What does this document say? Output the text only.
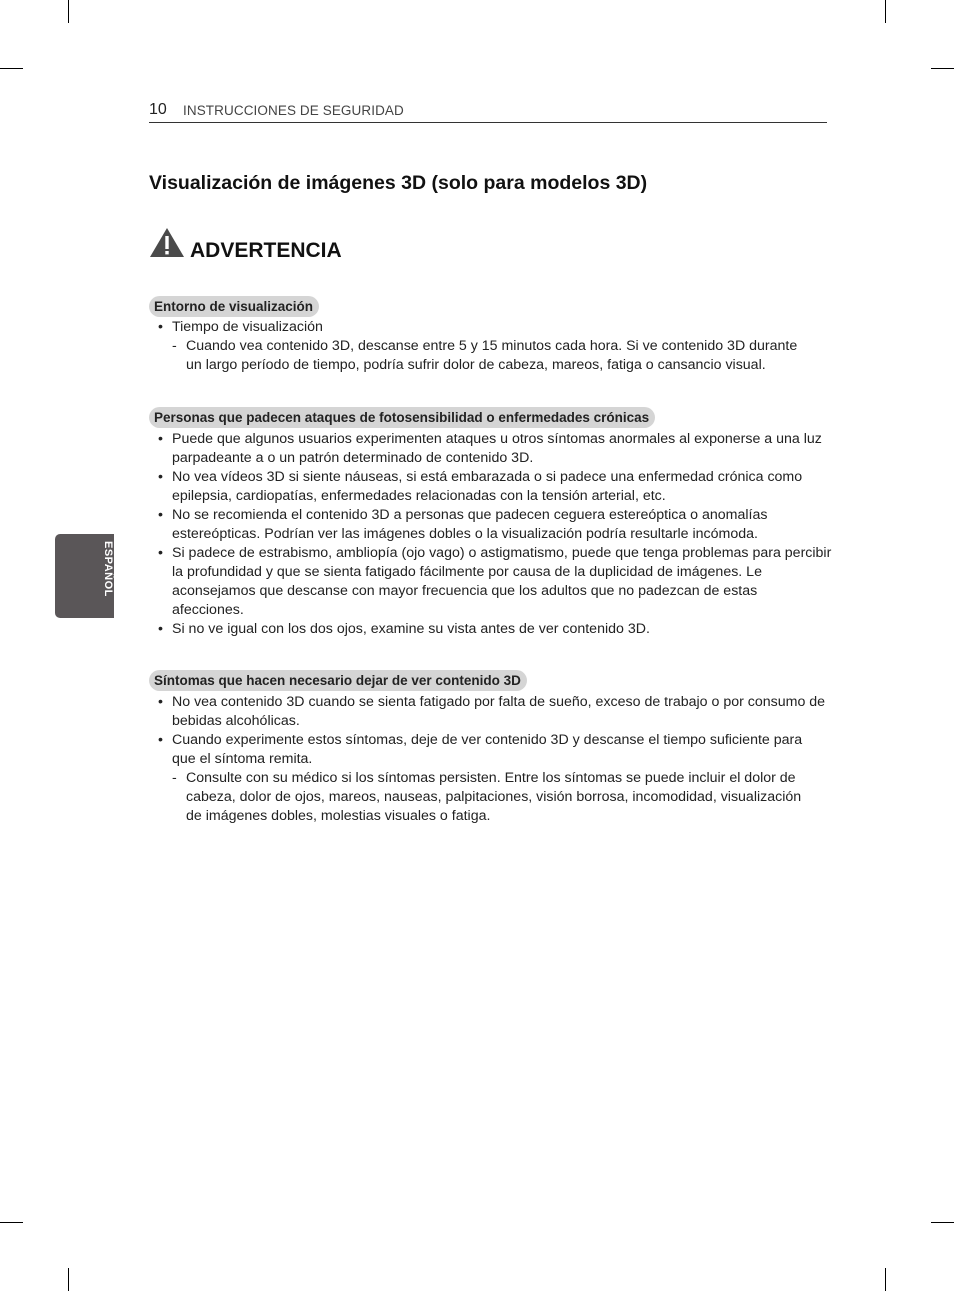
10 INSTRUCCIONES DE SEGURIDAD
ESPAÑOL
Visualización de imágenes 3D (solo para modelos 3D)
ADVERTENCIA
Entorno de visualización
• Tiempo de visualización
- Cuando vea contenido 3D, descanse entre 5 y 15 minutos cada hora. Si ve contenido 3D durante un largo período de tiempo, podría sufrir dolor de cabeza, mareos, fatiga o cansancio visual.
Personas que padecen ataques de fotosensibilidad o enfermedades crónicas
• Puede que algunos usuarios experimenten ataques u otros síntomas anormales al exponerse a una luz parpadeante a o un patrón determinado de contenido 3D.
• No vea vídeos 3D si siente náuseas, si está embarazada o si padece una enfermedad crónica como epilepsia, cardiopatías, enfermedades relacionadas con la tensión arterial, etc.
• No se recomienda el contenido 3D a personas que padecen ceguera estereóptica o anomalías estereópticas. Podrían ver las imágenes dobles o la visualización podría resultarle incómoda.
• Si padece de estrabismo, ambliopía (ojo vago) o astigmatismo, puede que tenga problemas para percibir la profundidad y que se sienta fatigado fácilmente por causa de la duplicidad de imágenes. Le aconsejamos que descanse con mayor frecuencia que los adultos que no padezcan de estas afecciones.
• Si no ve igual con los dos ojos, examine su vista antes de ver contenido 3D.
Síntomas que hacen necesario dejar de ver contenido 3D
• No vea contenido 3D cuando se sienta fatigado por falta de sueño, exceso de trabajo o por consumo de bebidas alcohólicas.
• Cuando experimente estos síntomas, deje de ver contenido 3D y descanse el tiempo suficiente para que el síntoma remita.
- Consulte con su médico si los síntomas persisten. Entre los síntomas se puede incluir el dolor de cabeza, dolor de ojos, mareos, nauseas, palpitaciones, visión borrosa, incomodidad, visualización de imágenes dobles, molestias visuales o fatiga.
